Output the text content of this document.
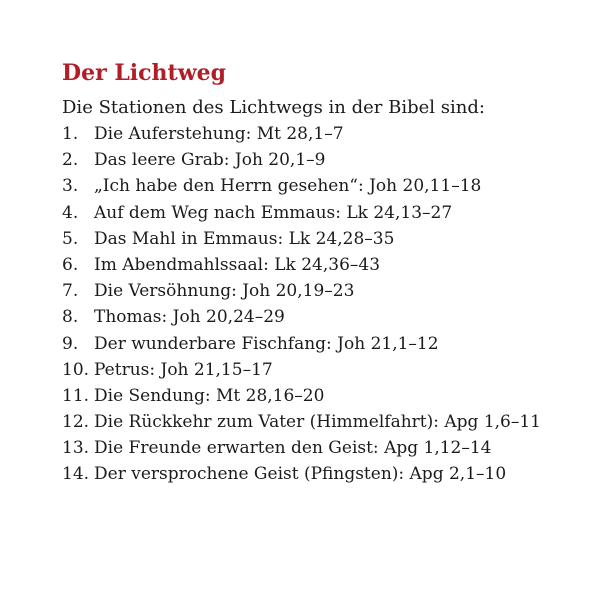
Der Lichtweg
Die Stationen des Lichtwegs in der Bibel sind:
1. Die Auferstehung: Mt 28,1–7
2. Das leere Grab: Joh 20,1–9
3. „Ich habe den Herrn gesehen“: Joh 20,11–18
4. Auf dem Weg nach Emmaus: Lk 24,13–27
5. Das Mahl in Emmaus: Lk 24,28–35
6. Im Abendmahlssaal: Lk 24,36–43
7. Die Versöhnung: Joh 20,19–23
8. Thomas: Joh 20,24–29
9. Der wunderbare Fischfang: Joh 21,1–12
10. Petrus: Joh 21,15–17
11. Die Sendung: Mt 28,16–20
12. Die Rückkehr zum Vater (Himmelfahrt): Apg 1,6–11
13. Die Freunde erwarten den Geist: Apg 1,12–14
14. Der versprochene Geist (Pfingsten): Apg 2,1–10
